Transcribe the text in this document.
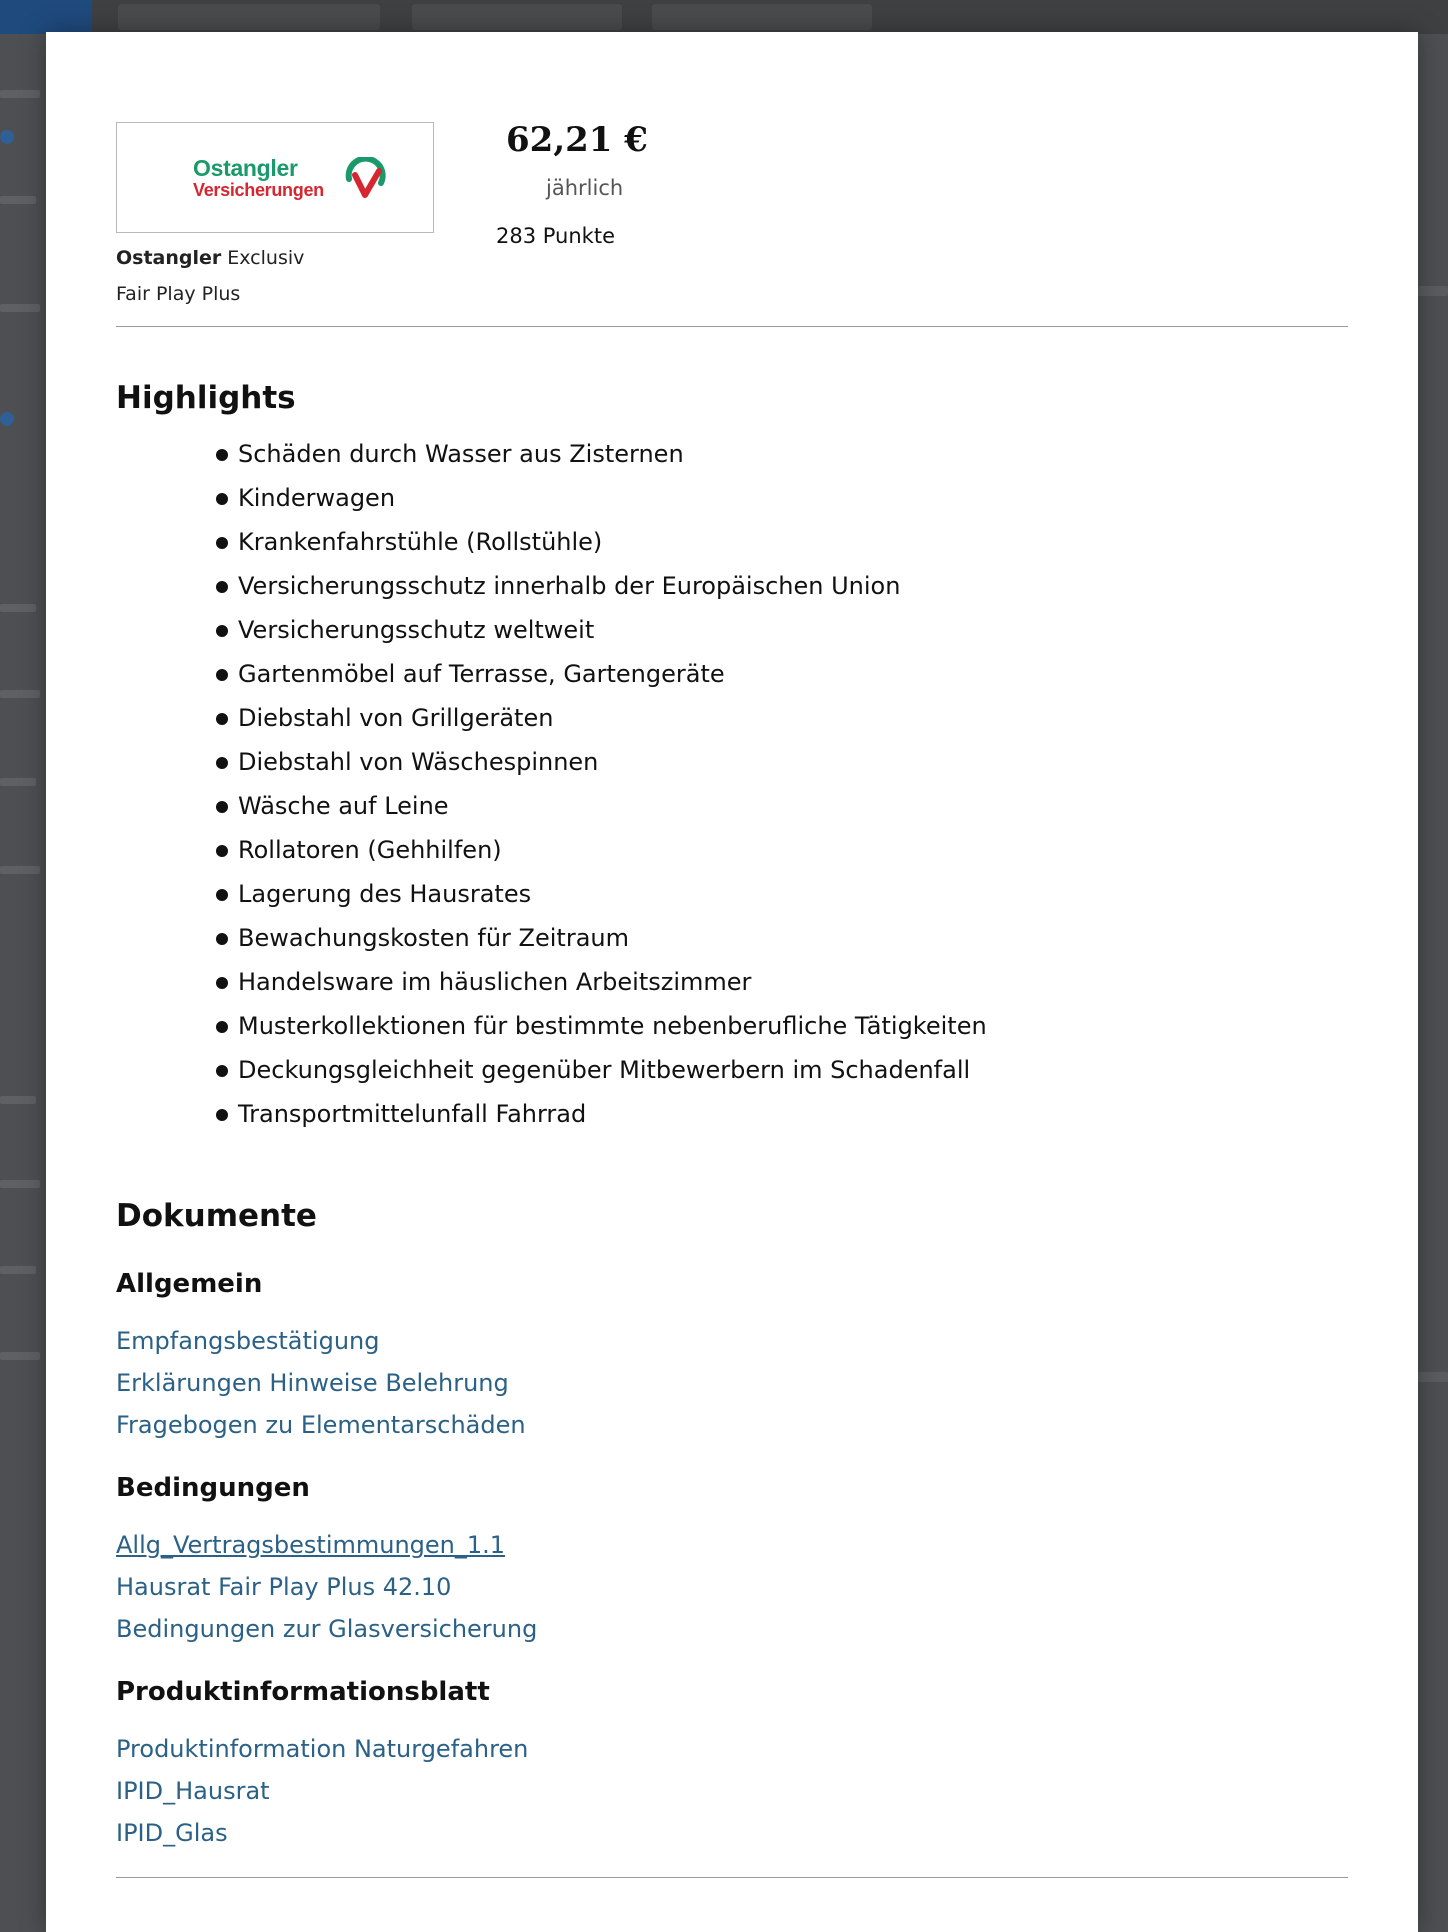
Ostangler
Versicherungen
Ostangler Exclusiv
Fair Play Plus
62,21 €
jährlich
283 Punkte
Highlights
Schäden durch Wasser aus Zisternen
Kinderwagen
Krankenfahrstühle (Rollstühle)
Versicherungsschutz innerhalb der Europäischen Union
Versicherungsschutz weltweit
Gartenmöbel auf Terrasse, Gartengeräte
Diebstahl von Grillgeräten
Diebstahl von Wäschespinnen
Wäsche auf Leine
Rollatoren (Gehhilfen)
Lagerung des Hausrates
Bewachungskosten für Zeitraum
Handelsware im häuslichen Arbeitszimmer
Musterkollektionen für bestimmte nebenberufliche Tätigkeiten
Deckungsgleichheit gegenüber Mitbewerbern im Schadenfall
Transportmittelunfall Fahrrad
Dokumente
Allgemein
Empfangsbestätigung
Erklärungen Hinweise Belehrung
Fragebogen zu Elementarschäden
Bedingungen
Allg_Vertragsbestimmungen_1.1
Hausrat Fair Play Plus 42.10
Bedingungen zur Glasversicherung
Produktinformationsblatt
Produktinformation Naturgefahren
IPID_Hausrat
IPID_Glas
